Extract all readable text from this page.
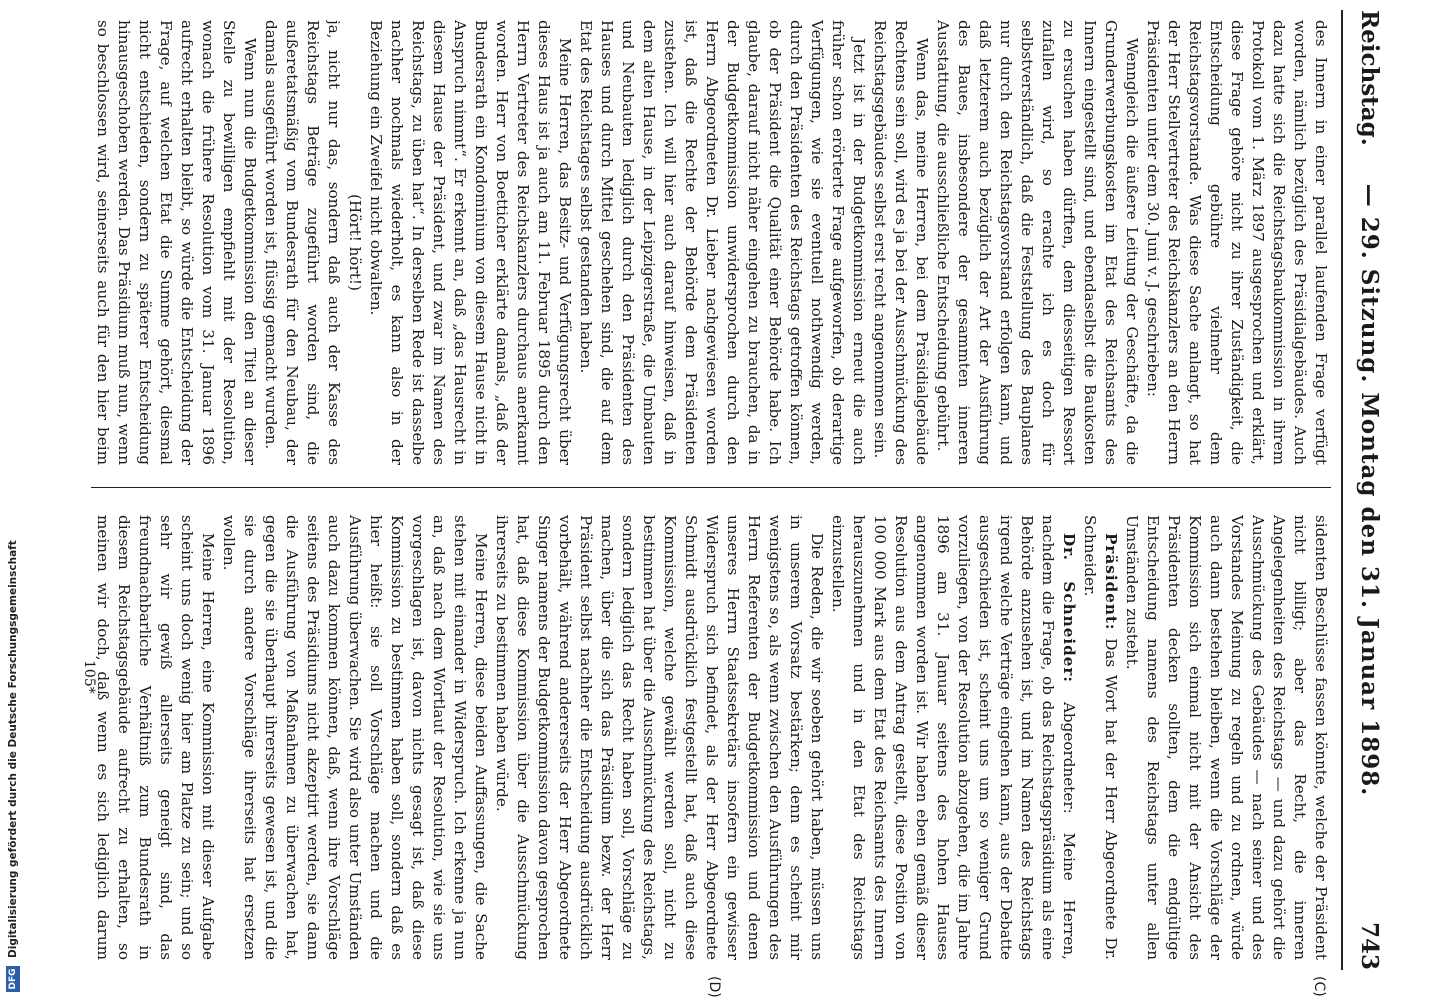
Reichstag.
— 29. Sitzung. Montag den 31. Januar 1898.
743
(C)
(D)

des Innern in einer parallel laufenden Frage verfügt worden, nämlich bezüglich des Präsidialgebäudes. Auch dazu hatte sich die Reichstagsbaukommission in ihrem Protokoll vom 1. März 1897 ausgesprochen und erklärt, diese Frage gehöre nicht zu ihrer Zuständigkeit, die Entscheidung gebühre vielmehr dem Reichstagsvorstande. Was diese Sache anlangt, so hat der Herr Stellvertreter des Reichskanzlers an den Herrn Präsidenten unter dem 30. Juni v. J. geschrieben:

Wenngleich die äußere Leitung der Geschäfte, da die Grunderwerbungskosten im Etat des Reichsamts des Innern eingestellt sind, und ebendaselbst die Baukosten zu ersuchen haben dürften, dem diesseitigen Ressort zufallen wird, so erachte ich es doch für selbstverständlich, daß die Feststellung des Bauplanes nur durch den Reichstagsvorstand erfolgen kann, und daß letzterem auch bezüglich der Art der Ausführung des Baues, insbesondere der gesammten inneren Ausstattung, die ausschließliche Entscheidung gebührt.

Wenn das, meine Herren, bei dem Präsidialgebäude Rechtens sein soll, wird es ja bei der Ausschmückung des Reichstagsgebäudes selbst erst recht angenommen sein.

Jetzt ist in der Budgetkommission erneut die auch früher schon erörterte Frage aufgeworfen, ob derartige Verfügungen, wie sie eventuell nothwendig werden, durch den Präsidenten des Reichstags getroffen können, ob der Präsident die Qualität einer Behörde habe. Ich glaube, darauf nicht näher eingehen zu brauchen, da in der Budgetkommission unwidersprochen durch den Herrn Abgeordneten Dr. Lieber nachgewiesen worden ist, daß die Rechte der Behörde dem Präsidenten zustehen. Ich will hier auch darauf hinweisen, daß in dem alten Hause, in der Leipzigerstraße, die Umbauten und Neubauten lediglich durch den Präsidenten des Hauses und durch Mittel geschehen sind, die auf dem Etat des Reichstages selbst gestanden haben.

Meine Herren, das Besitz- und Verfügungsrecht über dieses Haus ist ja auch am 11. Februar 1895 durch den Herrn Vertreter des Reichskanzlers durchaus anerkannt worden. Herr von Boetticher erklärte damals, „daß der Bundesrath ein Kondominium von diesem Hause nicht in Anspruch nimmt“. Er erkennt an, daß „das Hausrecht in diesem Hause der Präsident, und zwar im Namen des Reichstags, zu üben hat“. In derselben Rede ist dasselbe nachher nochmals wiederholt, es kann also in der Beziehung ein Zweifel nicht obwalten.

(Hört! hört!)

ja, nicht nur das, sondern daß auch der Kasse des Reichstags Beträge zugeführt worden sind, die außeretatsmäßig vom Bundesrath für den Neubau, der damals ausgeführt worden ist, flüssig gemacht wurden.

Wenn nun die Budgetkommission den Titel an dieser Stelle zu bewilligen empfiehlt mit der Resolution, wonach die frühere Resolution vom 31. Januar 1896 aufrecht erhalten bleibt, so würde die Entscheidung der Frage, auf welchen Etat die Summe gehört, diesmal nicht entschieden, sondern zu späterer Entscheidung hinausgeschoben werden. Das Präsidium muß nun, wenn so beschlossen wird, seinerseits auch für den hier beim

sidenten Beschlüsse fassen könnte, welche der Präsident nicht billigt; aber das Recht, die inneren Angelegenheiten des Reichstags — und dazu gehört die Ausschmückung des Gebäudes — nach seiner und des Vorstandes Meinung zu regeln und zu ordnen, würde auch dann bestehen bleiben, wenn die Vorschläge der Kommission sich einmal nicht mit der Ansicht des Präsidenten decken sollten, dem die endgültige Entscheidung namens des Reichstags unter allen Umständen zusteht.

Präsident: Das Wort hat der Herr Abgeordnete Dr. Schneider.

Dr. Schneider: Abgeordneter: Meine Herren, nachdem die Frage, ob das Reichstagspräsidium als eine Behörde anzusehen ist, und im Namen des Reichstags irgend welche Verträge eingehen kann, aus der Debatte ausgeschieden ist, scheint uns um so weniger Grund vorzuliegen, von der Resolution abzugehen, die im Jahre 1896 am 31. Januar seitens des hohen Hauses angenommen worden ist. Wir haben eben gemäß dieser Resolution aus dem Antrag gestellt, diese Position von 100 000 Mark aus dem Etat des Reichsamts des Innern herauszunehmen und in den Etat des Reichstags einzustellen.

Die Reden, die wir soeben gehört haben, müssen uns in unserem Vorsatz bestärken; denn es scheint mir wenigstens so, als wenn zwischen den Ausführungen des Herrn Referenten der Budgetkommission und denen unseres Herrn Staatssekretärs insofern ein gewisser Widerspruch sich befindet, als der Herr Abgeordnete Schmidt ausdrücklich festgestellt hat, daß auch diese Kommission, welche gewählt werden soll, nicht zu bestimmen hat über die Ausschmückung des Reichstags, sondern lediglich das Recht haben soll, Vorschläge zu machen, über die sich das Präsidium bezw. der Herr Präsident selbst nachher die Entscheidung ausdrücklich vorbehält, während andererseits der Herr Abgeordnete Singer namens der Budgetkommission davon gesprochen hat, daß diese Kommission über die Ausschmückung ihrerseits zu bestimmen haben würde.

Meine Herren, diese beiden Auffassungen, die Sache stehen mit einander in Widerspruch. Ich erkenne ja nun an, daß nach dem Wortlaut der Resolution, wie sie uns vorgeschlagen ist, davon nichts gesagt ist, daß diese Kommission zu bestimmen haben soll, sondern daß es hier heißt: sie soll Vorschläge machen und die Ausführung überwachen. Sie wird also unter Umständen auch dazu kommen können, daß, wenn ihre Vorschläge seitens des Präsidiums nicht akzeptirt werden, sie dann die Ausführung von Maßnahmen zu überwachen hat, gegen die sie überhaupt ihrerseits gewesen ist, und die sie durch andere Vorschläge ihrerseits hat ersetzen wollen.

Meine Herren, eine Kommission mit dieser Aufgabe scheint uns doch wenig hier am Platze zu sein; und so sehr wir gewiß allerseits geneigt sind, das freundnachbarliche Verhältniß zum Bundesrath in diesem Reichstagsgebäude aufrecht zu erhalten, so meinen wir doch, daß wenn es sich lediglich darum

105*
DFG
Digitalisierung gefördert durch die Deutsche Forschungsgemeinschaft
